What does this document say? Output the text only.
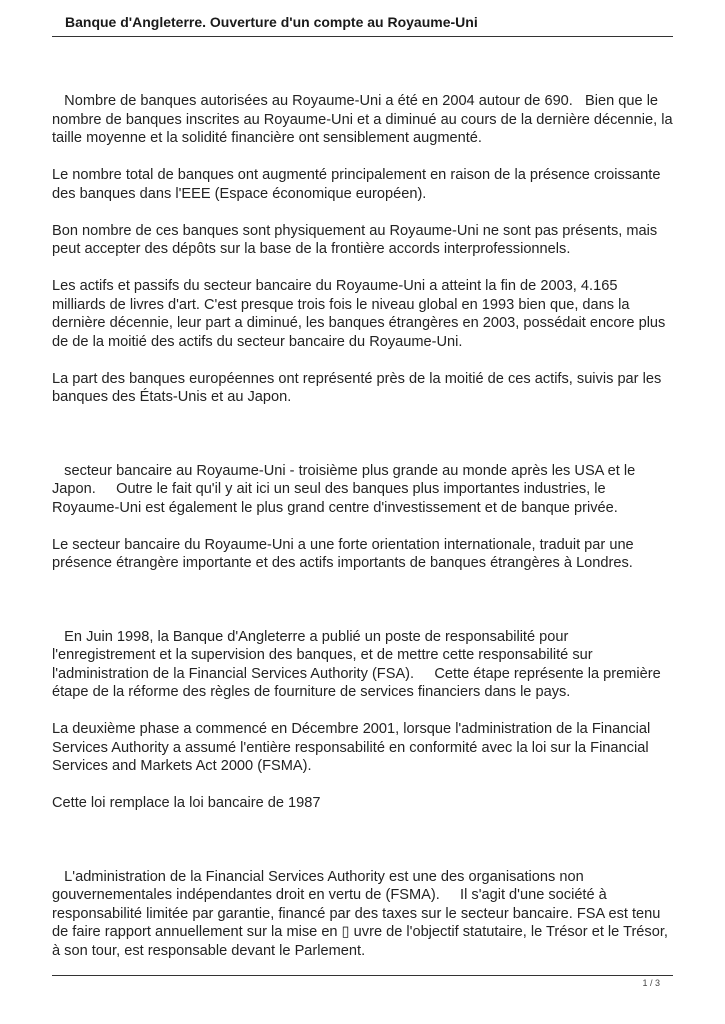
Banque d'Angleterre. Ouverture d'un compte au Royaume-Uni

Nombre de banques autorisées au Royaume-Uni a été en 2004 autour de 690.   Bien que le nombre de banques inscrites au Royaume-Uni et a diminué au cours de la dernière décennie, la taille moyenne et la solidité financière ont sensiblement augmenté.

Le nombre total de banques ont augmenté principalement en raison de la présence croissante des banques dans l'EEE (Espace économique européen).

Bon nombre de ces banques sont physiquement au Royaume-Uni ne sont pas présents, mais peut accepter des dépôts sur la base de la frontière accords interprofessionnels.

Les actifs et passifs du secteur bancaire du Royaume-Uni a atteint la fin de 2003, 4.165 milliards de livres d'art. C'est presque trois fois le niveau global en 1993 bien que, dans la dernière décennie, leur part a diminué, les banques étrangères en 2003, possédait encore plus de de la moitié des actifs du secteur bancaire du Royaume-Uni.

La part des banques européennes ont représenté près de la moitié de ces actifs, suivis par les banques des États-Unis et au Japon.

secteur bancaire au Royaume-Uni - troisième plus grande au monde après les USA et le Japon.     Outre le fait qu'il y ait ici un seul des banques plus importantes industries, le Royaume-Uni est également le plus grand centre d'investissement et de banque privée.

Le secteur bancaire du Royaume-Uni a une forte orientation internationale, traduit par une présence étrangère importante et des actifs importants de banques étrangères à Londres.

En Juin 1998, la Banque d'Angleterre a publié un poste de responsabilité pour l'enregistrement et la supervision des banques, et de mettre cette responsabilité sur l'administration de la Financial Services Authority (FSA).     Cette étape représente la première étape de la réforme des règles de fourniture de services financiers dans le pays.

La deuxième phase a commencé en Décembre 2001, lorsque l'administration de la Financial Services Authority a assumé l'entière responsabilité en conformité avec la loi sur la Financial Services and Markets Act 2000 (FSMA).

Cette loi remplace la loi bancaire de 1987

L'administration de la Financial Services Authority est une des organisations non gouvernementales indépendantes droit en vertu de (FSMA).     Il s'agit d'une société à responsabilité limitée par garantie, financé par des taxes sur le secteur bancaire. FSA est tenu de faire rapport annuellement sur la mise en ▯ uvre de l'objectif statutaire, le Trésor et le Trésor, à son tour, est responsable devant le Parlement.

1 / 3
